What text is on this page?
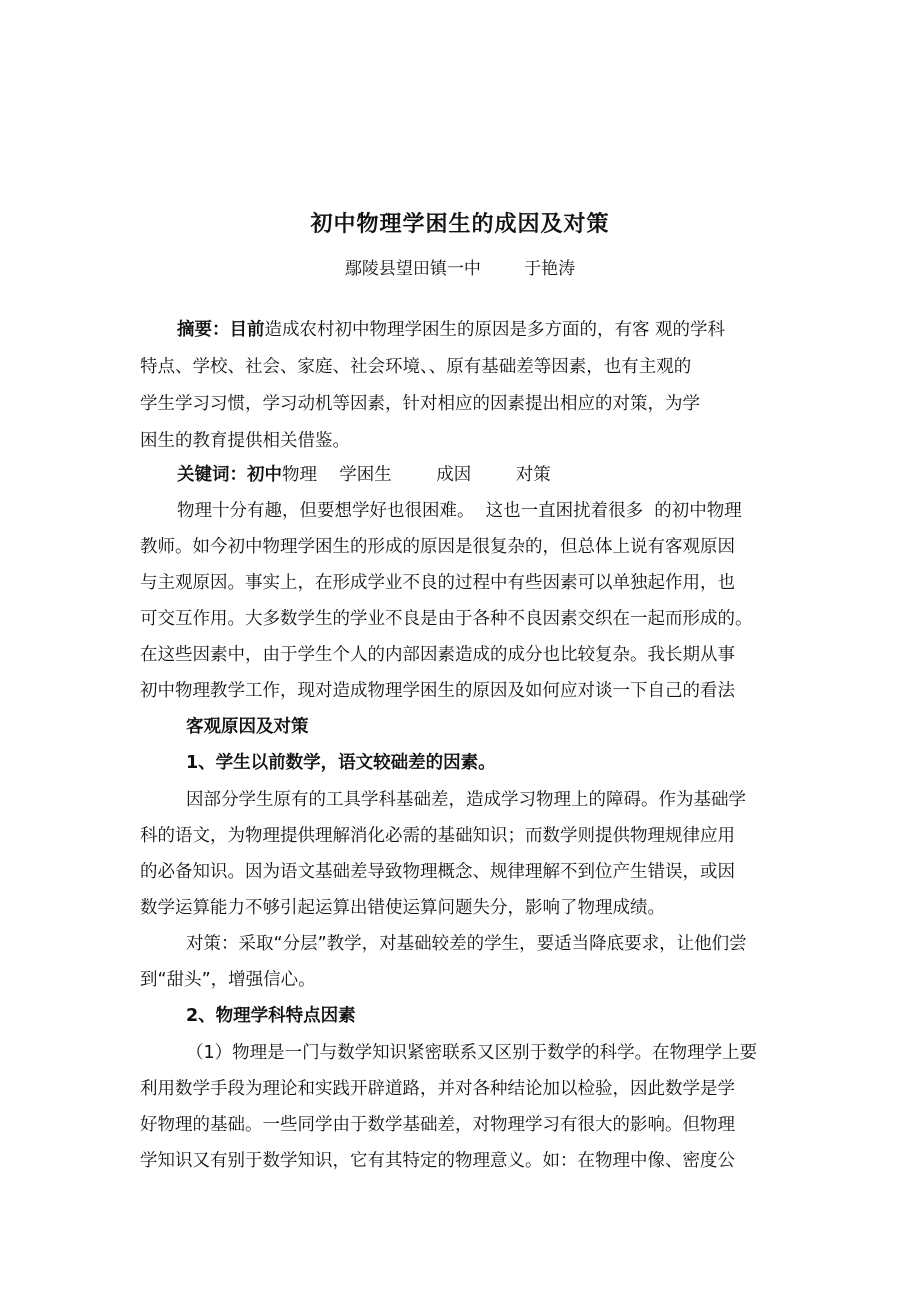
初中物理学困生的成因及对策
鄢陵县望田镇一中        于艳涛
摘要：目前造成农村初中物理学困生的原因是多方面的，有客 观的学科
特点、学校、社会、家庭、社会环境、、原有基础差等因素，也有主观的
学生学习习惯，学习动机等因素，针对相应的因素提出相应的对策，为学
困生的教育提供相关借鉴。
关键词：初中物理    学困生        成因        对策
物理十分有趣，但要想学好也很困难。  这也一直困扰着很多  的初中物理
教师。如今初中物理学困生的形成的原因是很复杂的，但总体上说有客观原因
与主观原因。事实上，在形成学业不良的过程中有些因素可以单独起作用，也
可交互作用。大多数学生的学业不良是由于各种不良因素交织在一起而形成的。
在这些因素中，由于学生个人的内部因素造成的成分也比较复杂。我长期从事
初中物理教学工作，现对造成物理学困生的原因及如何应对谈一下自己的看法
客观原因及对策
1、学生以前数学，语文较础差的因素。
因部分学生原有的工具学科基础差，造成学习物理上的障碍。作为基础学
科的语文，为物理提供理解消化必需的基础知识；而数学则提供物理规律应用
的必备知识。因为语文基础差导致物理概念、规律理解不到位产生错误，或因
数学运算能力不够引起运算出错使运算问题失分，影响了物理成绩。
对策：采取“分层”教学，对基础较差的学生，要适当降底要求，让他们尝
到“甜头”，增强信心。
2、物理学科特点因素
（1）物理是一门与数学知识紧密联系又区别于数学的科学。在物理学上要
利用数学手段为理论和实践开辟道路，并对各种结论加以检验，因此数学是学
好物理的基础。一些同学由于数学基础差，对物理学习有很大的影响。但物理
学知识又有别于数学知识，它有其特定的物理意义。如：在物理中像、密度公
